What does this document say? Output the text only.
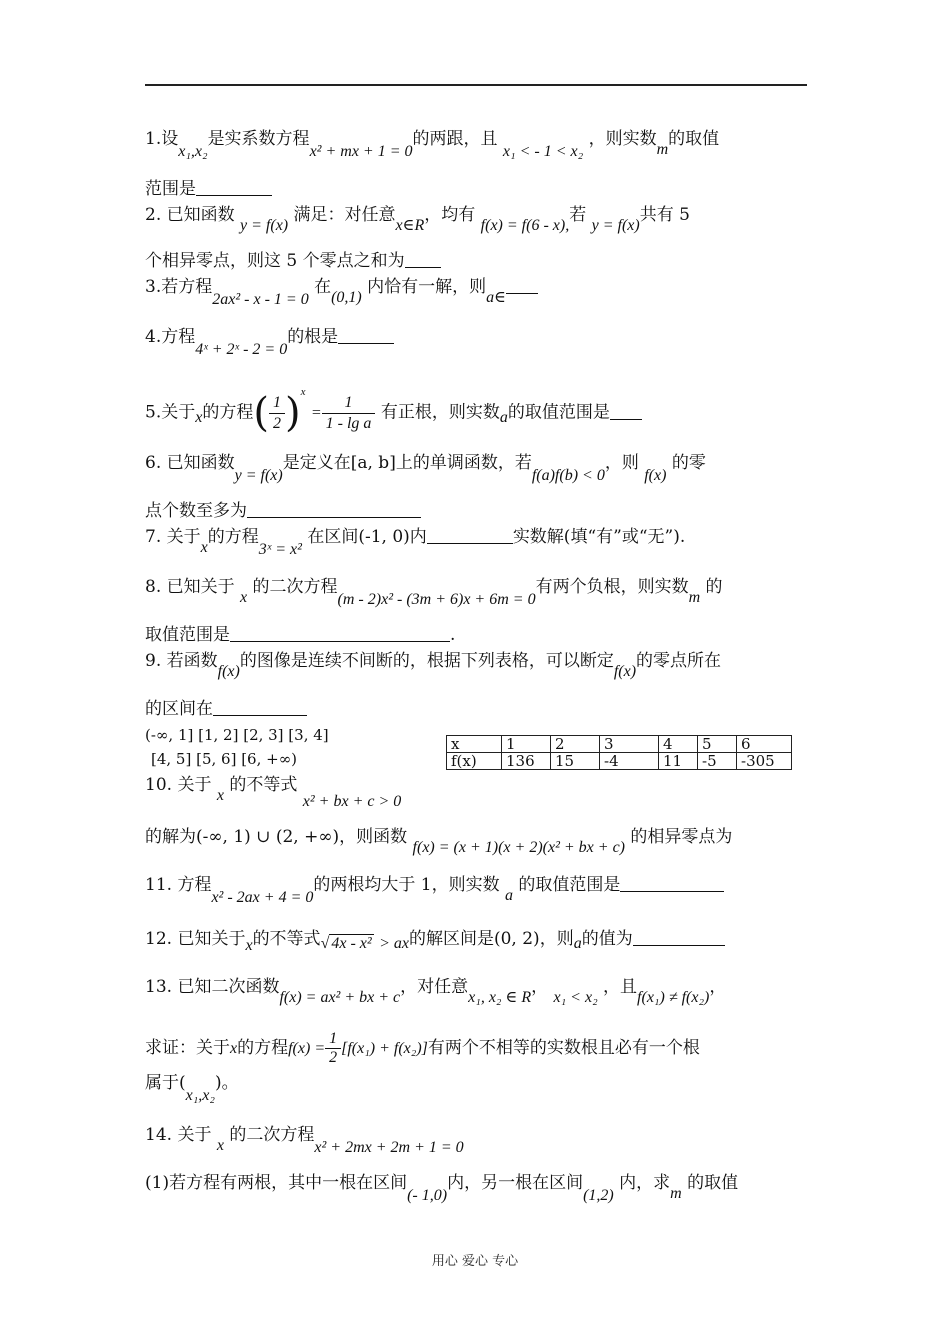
1.设x₁,x₂是实系数方程x² + mx + 1 = 0的两跟，且 x₁ < - 1 < x₂ ，则实数m的取值
范围是
2. 已知函数 y = f(x) 满足：对任意x∈R，均有 f(x) = f(6 - x),若 y = f(x)共有 5
个相异零点，则这 5 个零点之和为
3.若方程2ax² - x - 1 = 0 在(0,1) 内恰有一解，则a∈
4.方程4ˣ + 2ˣ - 2 = 0的根是
5.关于x的方程( $\frac{1}{2} )^x = \frac{1}{\text{1 - lg a}}$ 有正根，则实数a的取值范围是
6. 已知函数y = f(x)是定义在[a, b]上的单调函数，若f(a)f(b) < 0，则 f(x) 的零
点个数至多为
7. 关于x的方程3ˣ = x² 在区间(-1, 0)内	实数解(填“有”或“无”).
8. 已知关于 x 的二次方程(m - 2)x² - (3m + 6)x + 6m = 0有两个负根，则实数m 的
取值范围是	.
9. 若函数f(x)的图像是连续不间断的，根据下列表格，可以断定f(x)的零点所在
的区间在
(-∞, 1] [1, 2] [2, 3] [3, 4]
[4, 5] [5, 6] [6, +∞)
x	1	2	3	4	5	6
f(x)	136	15	-4	11	-5	-305
10. 关于 x 的不等式 x² + bx + c > 0
的解为(-∞, 1) ∪ (2, +∞)，则函数 f(x) = (x + 1)(x + 2)(x² + bx + c) 的相异零点为
11. 方程x² - 2ax + 4 = 0的两根均大于 1，则实数 a 的取值范围是
12. 已知关于x的不等式√ 4x - x² > ax的解区间是(0, 2)，则a的值为
13. 已知二次函数f(x) = ax² + bx + c，对任意x₁, x₂ ∈ R， x₁ < x₂ ，且f(x₁) ≠ f(x₂)，
求证：关于x的方程$f(x) = \frac{1}{2} [f(x_1) + f(x_2)]$有两个不相等的实数根且必有一个根
属于(x₁,x₂)。
14. 关于 x 的二次方程x² + 2mx + 2m + 1 = 0
(1)若方程有两根，其中一根在区间(- 1,0)内，另一根在区间(1,2) 内，求m 的取值
用心 爱心 专心
